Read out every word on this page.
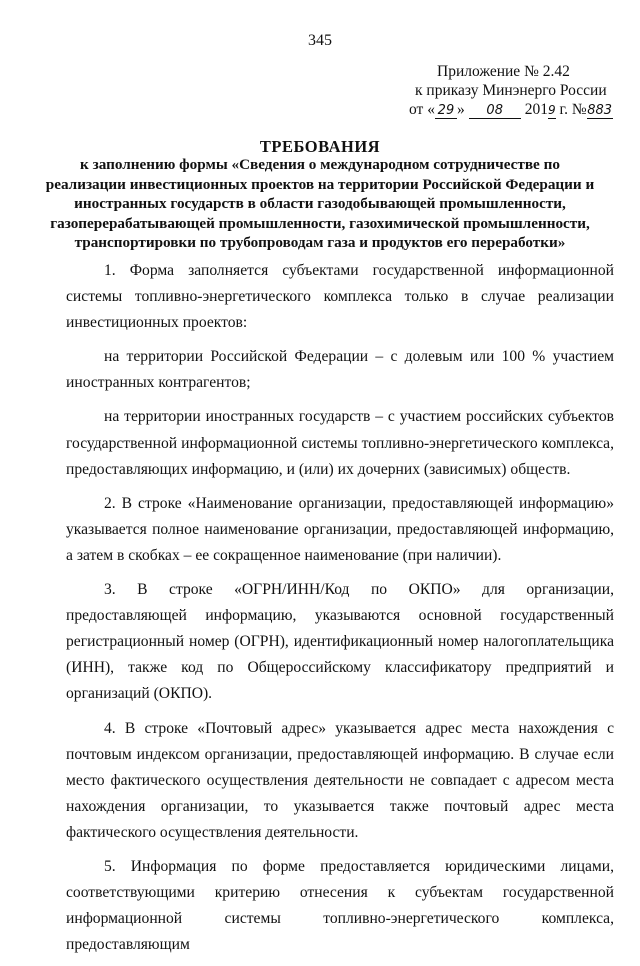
345
Приложение № 2.42
к приказу Минэнерго России
от « 29 » 08 2019 г. №883
ТРЕБОВАНИЯ
к заполнению формы «Сведения о международном сотрудничестве по
реализации инвестиционных проектов на территории Российской Федерации и
иностранных государств в области газодобывающей промышленности,
газоперерабатывающей промышленности, газохимической промышленности,
транспортировки по трубопроводам газа и продуктов его переработки»

1. Форма заполняется субъектами государственной информационной системы топливно-энергетического комплекса только в случае реализации инвестиционных проектов:

на территории Российской Федерации – с долевым или 100 % участием иностранных контрагентов;

на территории иностранных государств – с участием российских субъектов государственной информационной системы топливно-энергетического комплекса, предоставляющих информацию, и (или) их дочерних (зависимых) обществ.

2. В строке «Наименование организации, предоставляющей информацию» указывается полное наименование организации, предоставляющей информацию, а затем в скобках – ее сокращенное наименование (при наличии).

3. В строке «ОГРН/ИНН/Код по ОКПО» для организации, предоставляющей информацию, указываются основной государственный регистрационный номер (ОГРН), идентификационный номер налогоплательщика (ИНН), также код по Общероссийскому классификатору предприятий и организаций (ОКПО).

4. В строке «Почтовый адрес» указывается адрес места нахождения с почтовым индексом организации, предоставляющей информацию. В случае если место фактического осуществления деятельности не совпадает с адресом места нахождения организации, то указывается также почтовый адрес места фактического осуществления деятельности.

5. Информация по форме предоставляется юридическими лицами, соответствующими критерию отнесения к субъектам государственной информационной системы топливно-энергетического комплекса, предоставляющим
